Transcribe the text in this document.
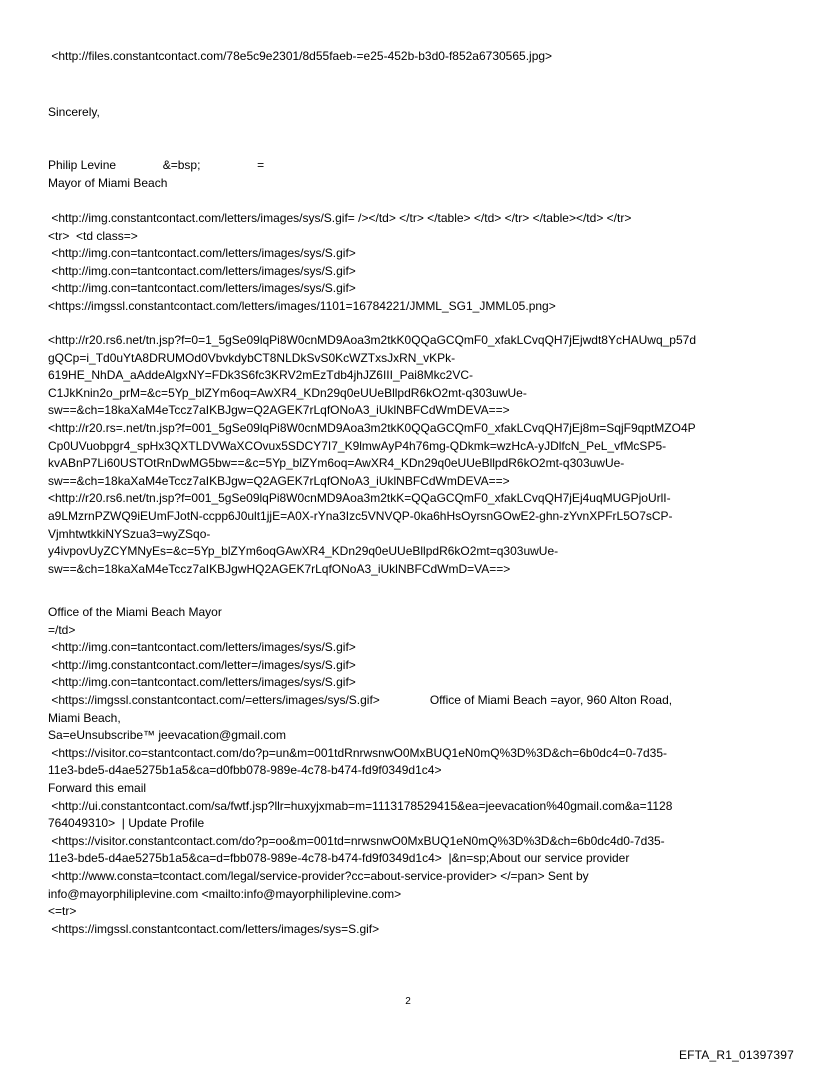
<http://files.constantcontact.com/78e5c9e2301/8d55faeb-=e25-452b-b3d0-f852a6730565.jpg>
Sincerely,
Philip Levine              &=bsp;                 =
Mayor of Miami Beach
<http://img.constantcontact.com/letters/images/sys/S.gif= /></td> </tr> </table> </td> </tr> </table></td> </tr>
<tr>  <td class=>
<http://img.con=tantcontact.com/letters/images/sys/S.gif>
<http://img.con=tantcontact.com/letters/images/sys/S.gif>
<http://img.con=tantcontact.com/letters/images/sys/S.gif>
<https://imgssl.constantcontact.com/letters/images/1101=16784221/JMML_SG1_JMML05.png>
<http://r20.rs6.net/tn.jsp?f=0=1_5gSe09lqPi8W0cnMD9Aoa3m2tkK0QQaGCQmF0_xfakLCvqQH7jEjwdt8YcHAUwq_p57d
gQCp=i_Td0uYtA8DRUMOd0VbvkdybCT8NLDkSvS0KcWZTxsJxRN_vKPk-
619HE_NhDA_aAddeAlgxNY=FDk3S6fc3KRV2mEzTdb4jhJZ6III_Pai8Mkc2VC-
C1JkKnin2o_prM=&c=5Yp_blZYm6oq=AwXR4_KDn29q0eUUeBllpdR6kO2mt-q303uwUe-
sw==&ch=18kaXaM4eTccz7aIKBJgw=Q2AGEK7rLqfONoA3_iUklNBFCdWmDEVA==>
<http://r20.rs=.net/tn.jsp?f=001_5gSe09lqPi8W0cnMD9Aoa3m2tkK0QQaGCQmF0_xfakLCvqQH7jEj8m=SqjF9qptMZO4P
Cp0UVuobpgr4_spHx3QXTLDVWaXCOvux5SDCY7I7_K9lmwAyP4h76mg-QDkmk=wzHcA-yJDlfcN_PeL_vfMcSP5-
kvABnP7Li60USTOtRnDwMG5bw==&c=5Yp_blZYm6oq=AwXR4_KDn29q0eUUeBllpdR6kO2mt-q303uwUe-
sw==&ch=18kaXaM4eTccz7aIKBJgw=Q2AGEK7rLqfONoA3_iUklNBFCdWmDEVA==>
<http://r20.rs6.net/tn.jsp?f=001_5gSe09lqPi8W0cnMD9Aoa3m2tkK=QQaGCQmF0_xfakLCvqQH7jEj4uqMUGPjoUrlI-
a9LMzrnPZWQ9iEUmFJotN-ccpp6J0ult1jjE=A0X-rYna3Izc5VNVQP-0ka6hHsOyrsnGOwE2-ghn-zYvnXPFrL5O7sCP-
VjmhtwtkkiNYSzua3=wyZSqo-
y4ivpovUyZCYMNyEs=&c=5Yp_blZYm6oqGAwXR4_KDn29q0eUUeBllpdR6kO2mt=q303uwUe-
sw==&ch=18kaXaM4eTccz7aIKBJgwHQ2AGEK7rLqfONoA3_iUklNBFCdWmD=VA==>
Office of the Miami Beach Mayor
=/td>
<http://img.con=tantcontact.com/letters/images/sys/S.gif>
<http://img.constantcontact.com/letter=/images/sys/S.gif>
<http://img.con=tantcontact.com/letters/images/sys/S.gif>
<https://imgssl.constantcontact.com/=etters/images/sys/S.gif>               Office of Miami Beach =ayor, 960 Alton Road,
Miami Beach,
Sa=eUnsubscribe™ jeevacation@gmail.com
<https://visitor.co=stantcontact.com/do?p=un&m=001tdRnrwsnwO0MxBUQ1eN0mQ%3D%3D&ch=6b0dc4=0-7d35-
11e3-bde5-d4ae5275b1a5&ca=d0fbb078-989e-4c78-b474-fd9f0349d1c4>
Forward this email
<http://ui.constantcontact.com/sa/fwtf.jsp?llr=huxyjxmab=m=1113178529415&ea=jeevacation%40gmail.com&a=1128
764049310>  | Update Profile
<https://visitor.constantcontact.com/do?p=oo&m=001td=nrwsnwO0MxBUQ1eN0mQ%3D%3D&ch=6b0dc4d0-7d35-
11e3-bde5-d4ae5275b1a5&ca=d=fbb078-989e-4c78-b474-fd9f0349d1c4>  |&n=sp;About our service provider
<http://www.consta=tcontact.com/legal/service-provider?cc=about-service-provider> </=pan> Sent by
info@mayorphiliplevine.com <mailto:info@mayorphiliplevine.com>
<=tr>
<https://imgssl.constantcontact.com/letters/images/sys=S.gif>
2
EFTA_R1_01397397
